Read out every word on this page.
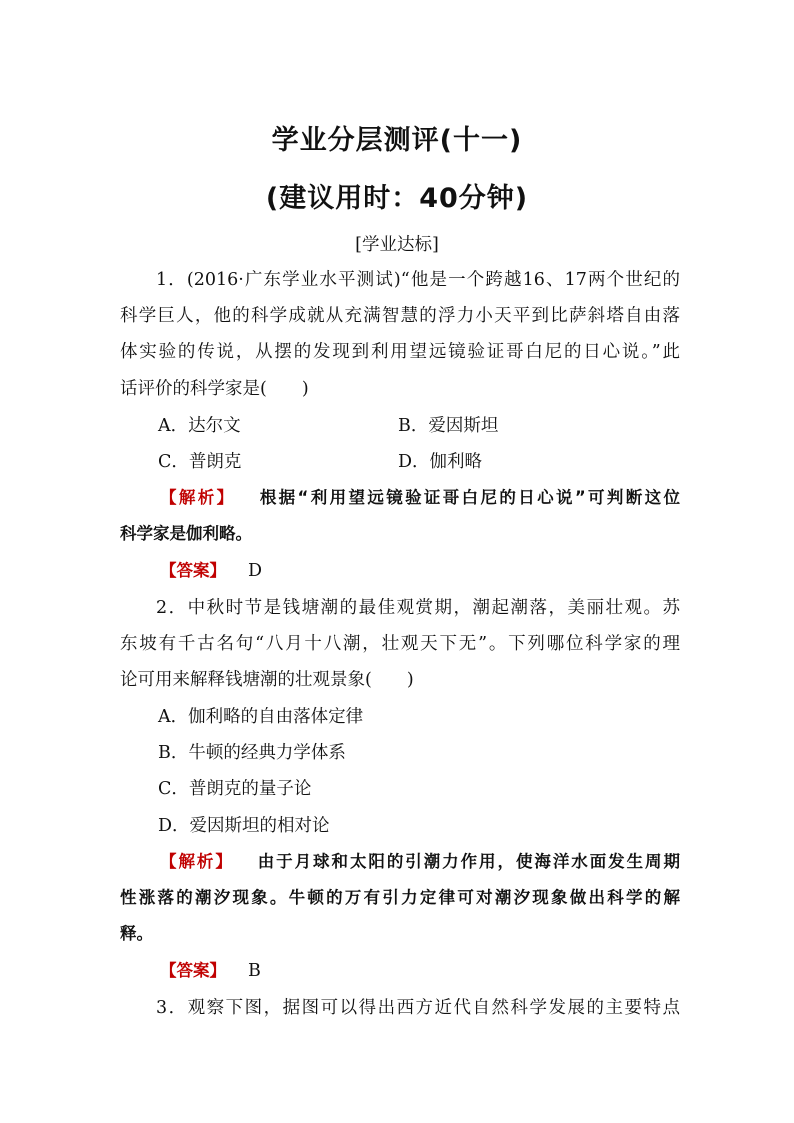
学业分层测评(十一)
(建议用时：40分钟)
[学业达标]
1．(2016·广东学业水平测试)“他是一个跨越16、17两个世纪的
科学巨人，他的科学成就从充满智慧的浮力小天平到比萨斜塔自由落
体实验的传说，从摆的发现到利用望远镜验证哥白尼的日心说。”此
话评价的科学家是(　　)
A．达尔文	B．爱因斯坦
C．普朗克	D．伽利略
【解析】 根据“利用望远镜验证哥白尼的日心说”可判断这位
科学家是伽利略。
【答案】 D
2．中秋时节是钱塘潮的最佳观赏期，潮起潮落，美丽壮观。苏
东坡有千古名句“八月十八潮，壮观天下无”。下列哪位科学家的理
论可用来解释钱塘潮的壮观景象(　　)
A．伽利略的自由落体定律
B．牛顿的经典力学体系
C．普朗克的量子论
D．爱因斯坦的相对论
【解析】 由于月球和太阳的引潮力作用，使海洋水面发生周期
性涨落的潮汐现象。牛顿的万有引力定律可对潮汐现象做出科学的解
释。
【答案】 B
3．观察下图，据图可以得出西方近代自然科学发展的主要特点
